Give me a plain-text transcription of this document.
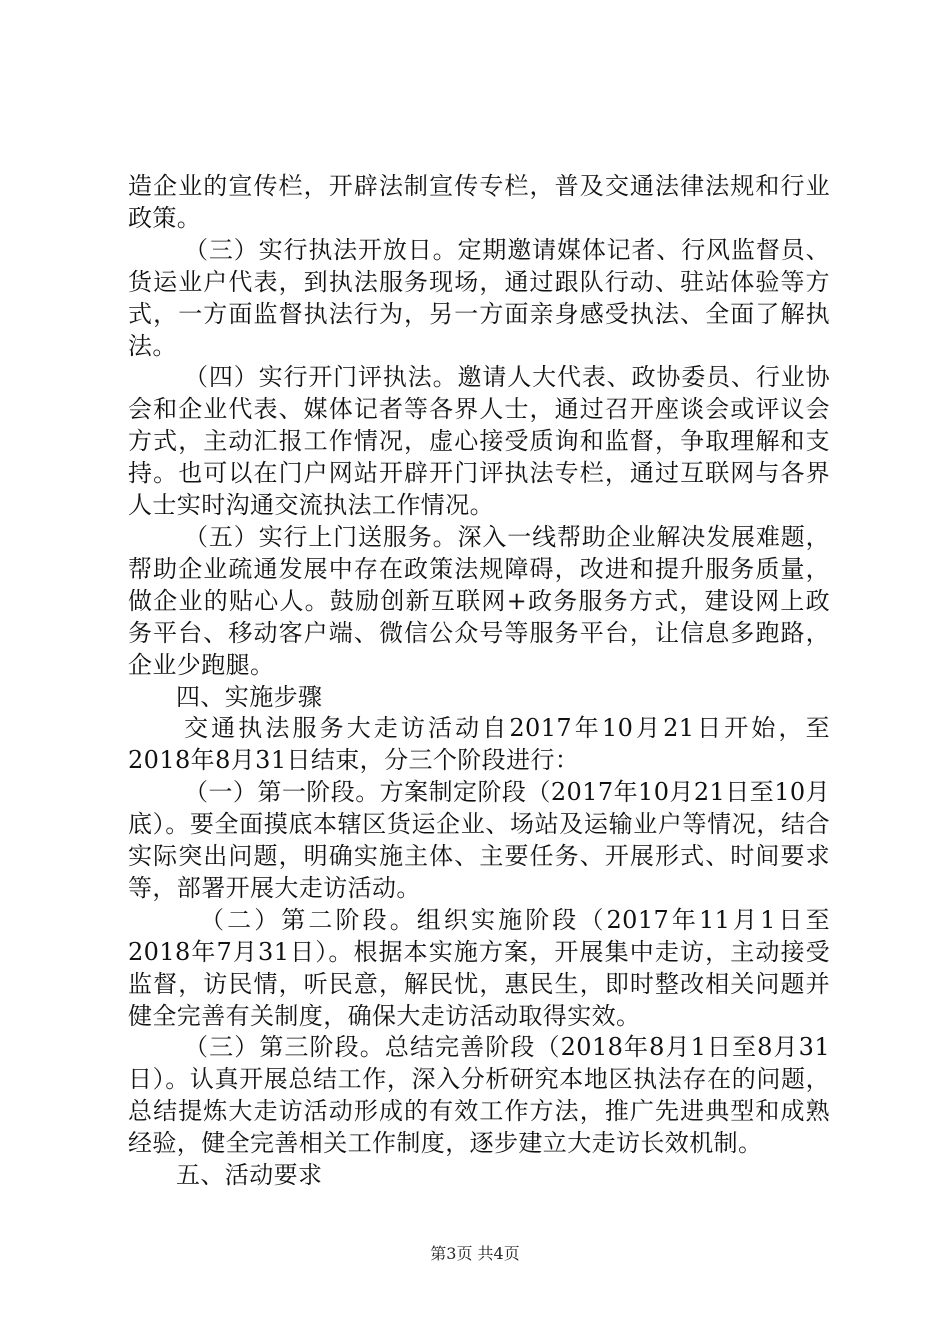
造企业的宣传栏，开辟法制宣传专栏，普及交通法律法规和行业政策。

（三）实行执法开放日。定期邀请媒体记者、行风监督员、货运业户代表，到执法服务现场，通过跟队行动、驻站体验等方式，一方面监督执法行为，另一方面亲身感受执法、全面了解执法。

（四）实行开门评执法。邀请人大代表、政协委员、行业协会和企业代表、媒体记者等各界人士，通过召开座谈会或评议会方式，主动汇报工作情况，虚心接受质询和监督，争取理解和支持。也可以在门户网站开辟开门评执法专栏，通过互联网与各界人士实时沟通交流执法工作情况。

（五）实行上门送服务。深入一线帮助企业解决发展难题，帮助企业疏通发展中存在政策法规障碍，改进和提升服务质量，做企业的贴心人。鼓励创新互联网+政务服务方式，建设网上政务平台、移动客户端、微信公众号等服务平台，让信息多跑路，企业少跑腿。

四、实施步骤

交通执法服务大走访活动自2017年10月21日开始，至2018年8月31日结束，分三个阶段进行：

（一）第一阶段。方案制定阶段（2017年10月21日至10月底）。要全面摸底本辖区货运企业、场站及运输业户等情况，结合实际突出问题，明确实施主体、主要任务、开展形式、时间要求等，部署开展大走访活动。

（二）第二阶段。组织实施阶段（2017年11月1日至2018年7月31日）。根据本实施方案，开展集中走访，主动接受监督，访民情，听民意，解民忧，惠民生，即时整改相关问题并健全完善有关制度，确保大走访活动取得实效。

（三）第三阶段。总结完善阶段（2018年8月1日至8月31日）。认真开展总结工作，深入分析研究本地区执法存在的问题，总结提炼大走访活动形成的有效工作方法，推广先进典型和成熟经验，健全完善相关工作制度，逐步建立大走访长效机制。

五、活动要求

第3页 共4页
